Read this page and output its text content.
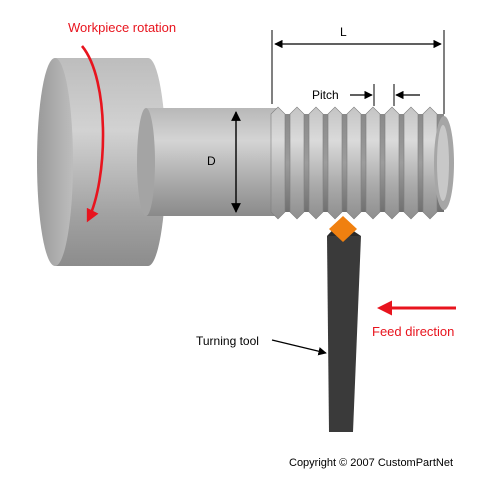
L
Pitch
D
Workpiece rotation
Feed direction
Turning tool
Copyright © 2007 CustomPartNet
